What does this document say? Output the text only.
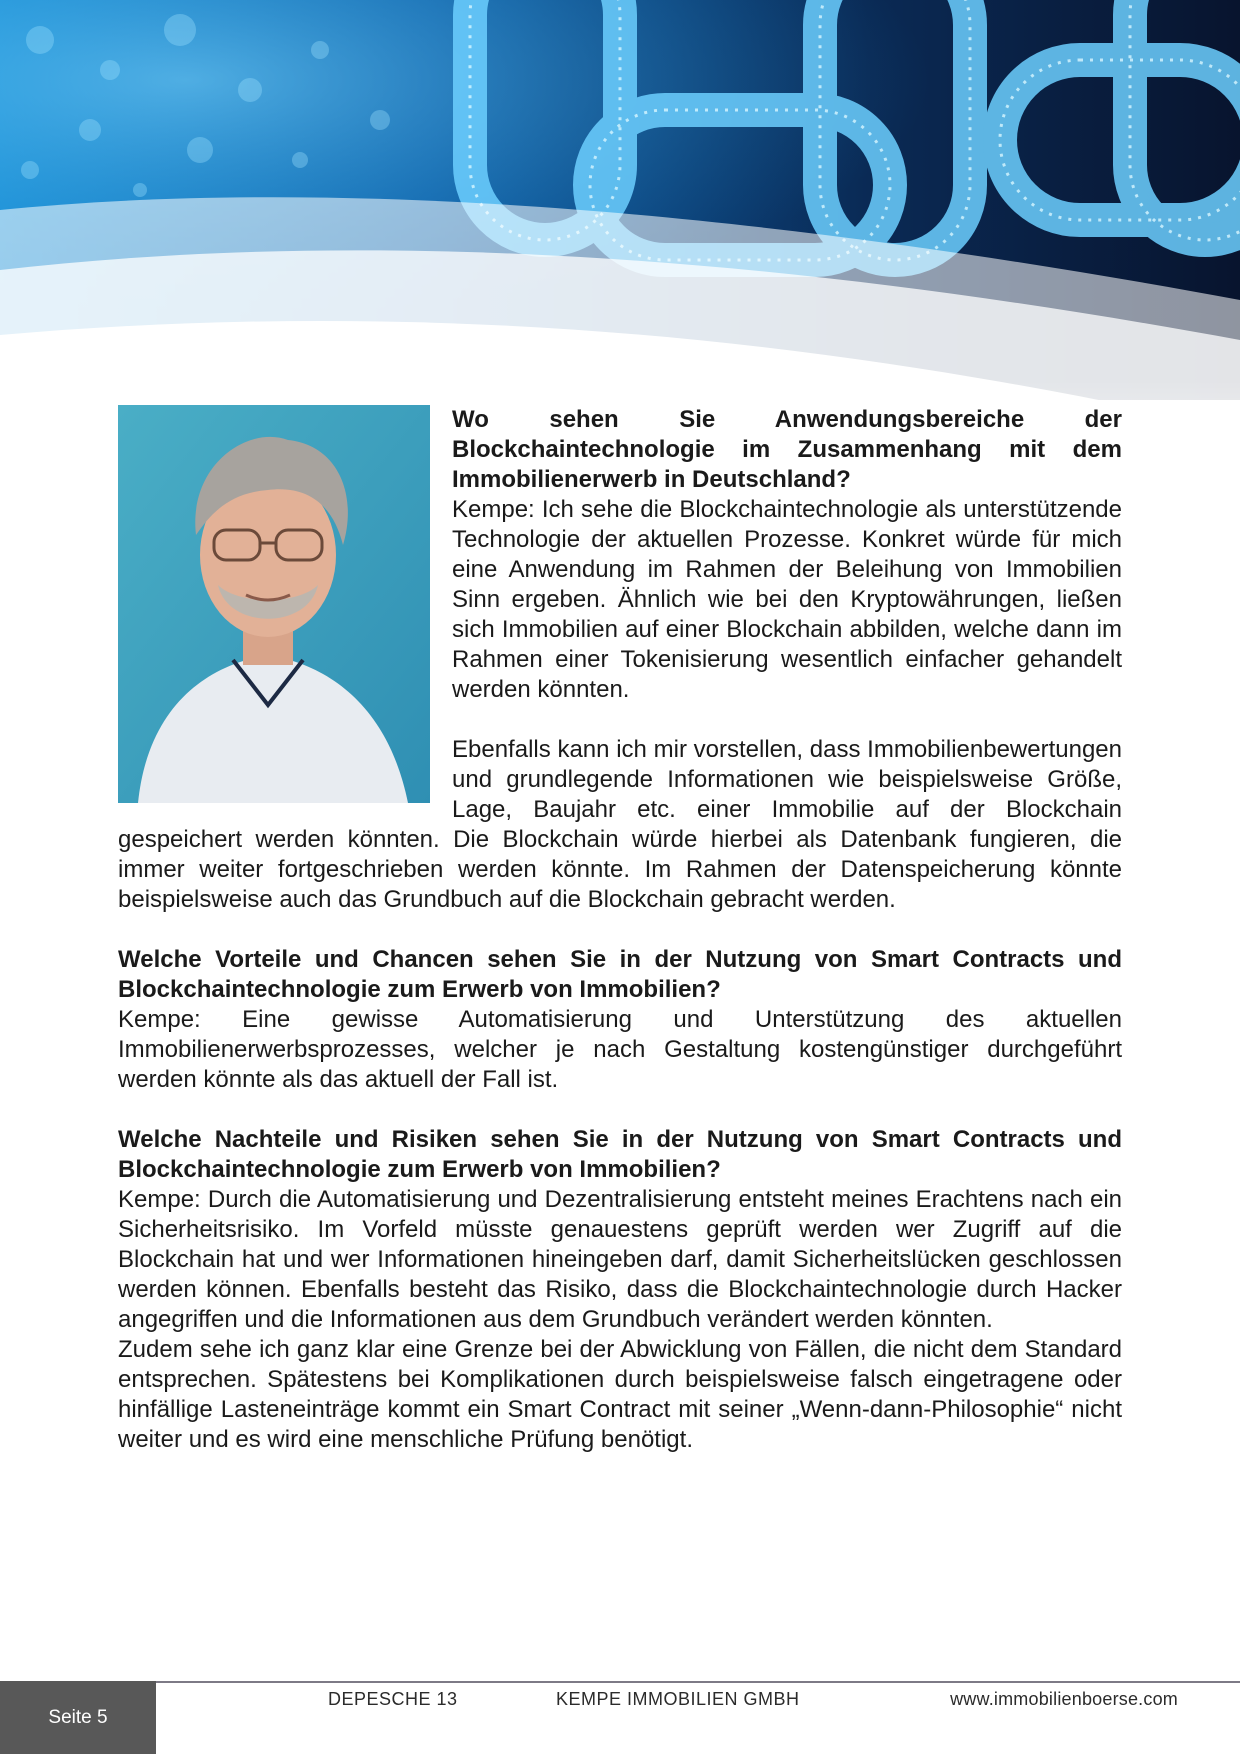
Wo sehen Sie Anwendungsbereiche der Blockchaintechnologie im Zusammenhang mit dem Immobilienerwerb in Deutschland?

Kempe: Ich sehe die Blockchaintechnologie als unterstützende Technologie der aktuellen Prozesse. Konkret würde für mich eine Anwendung im Rahmen der Beleihung von Immobilien Sinn ergeben. Ähnlich wie bei den Kryptowährungen, ließen sich Immobilien auf einer Blockchain abbilden, welche dann im Rahmen einer Tokenisierung wesentlich einfacher gehandelt werden könnten.

Ebenfalls kann ich mir vorstellen, dass Immobilienbewertungen und grundlegende Informationen wie beispielsweise Größe, Lage, Baujahr etc. einer Immobilie auf der Blockchain gespeichert werden könnten. Die Blockchain würde hierbei als Datenbank fungieren, die immer weiter fortgeschrieben werden könnte. Im Rahmen der Datenspeicherung könnte beispielsweise auch das Grundbuch auf die Blockchain gebracht werden.

Welche Vorteile und Chancen sehen Sie in der Nutzung von Smart Contracts und Blockchaintechnologie zum Erwerb von Immobilien?

Kempe: Eine gewisse Automatisierung und Unterstützung des aktuellen Immobilienerwerbsprozesses, welcher je nach Gestaltung kostengünstiger durchgeführt werden könnte als das aktuell der Fall ist.

Welche Nachteile und Risiken sehen Sie in der Nutzung von Smart Contracts und Blockchaintechnologie zum Erwerb von Immobilien?

Kempe: Durch die Automatisierung und Dezentralisierung entsteht meines Erachtens nach ein Sicherheitsrisiko. Im Vorfeld müsste genauestens geprüft werden wer Zugriff auf die Blockchain hat und wer Informationen hineingeben darf, damit Sicherheitslücken geschlossen werden können. Ebenfalls besteht das Risiko, dass die Blockchaintechnologie durch Hacker angegriffen und die Informationen aus dem Grundbuch verändert werden könnten.

Zudem sehe ich ganz klar eine Grenze bei der Abwicklung von Fällen, die nicht dem Standard entsprechen. Spätestens bei Komplikationen durch beispielsweise falsch eingetragene oder hinfällige Lasteneinträge kommt ein Smart Contract mit seiner „Wenn-dann-Philosophie“ nicht weiter und es wird eine menschliche Prüfung benötigt.

Seite 5
DEPESCHE 13	KEMPE IMMOBILIEN GMBH	www.immobilienboerse.com
